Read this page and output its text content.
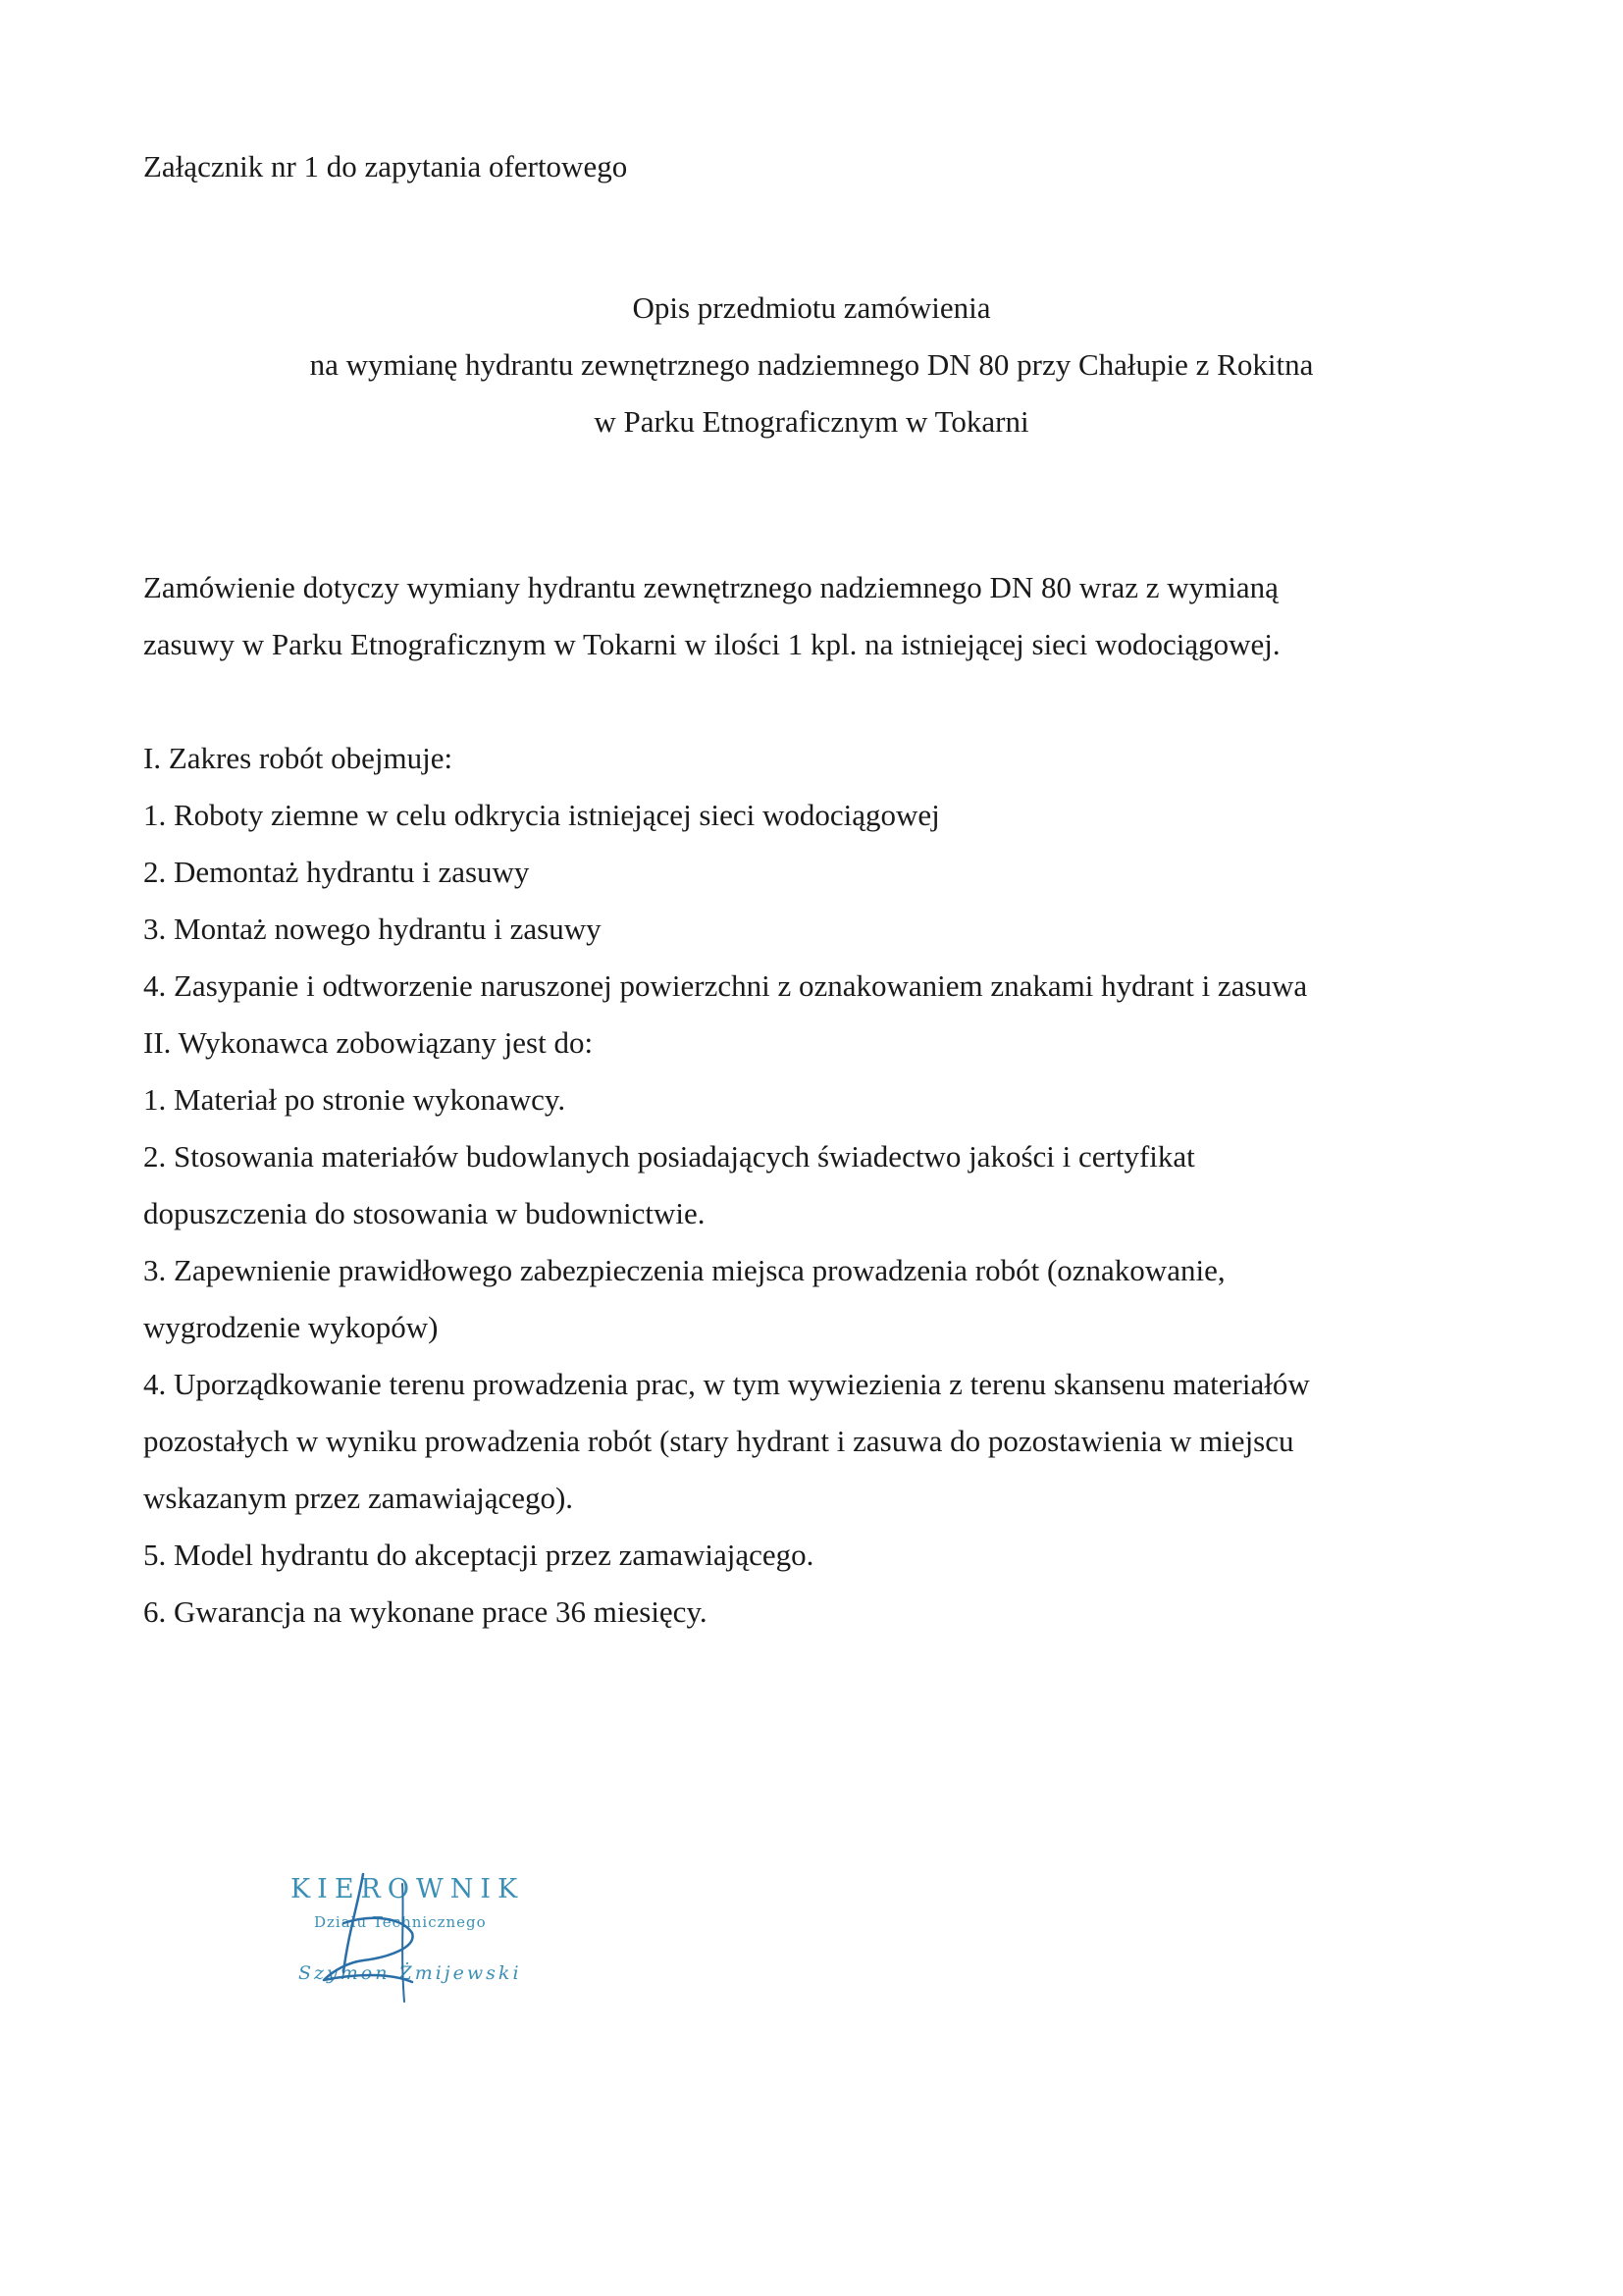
Załącznik nr 1 do zapytania ofertowego
Opis przedmiotu zamówienia
na wymianę hydrantu zewnętrznego nadziemnego DN 80 przy Chałupie z Rokitna
w Parku Etnograficznym w Tokarni
Zamówienie dotyczy wymiany hydrantu zewnętrznego nadziemnego DN 80 wraz z wymianą
zasuwy w Parku Etnograficznym w Tokarni w ilości 1 kpl. na istniejącej sieci wodociągowej.
I. Zakres robót obejmuje:
1. Roboty ziemne w celu odkrycia istniejącej sieci wodociągowej
2. Demontaż hydrantu i zasuwy
3. Montaż nowego hydrantu i zasuwy
4. Zasypanie i odtworzenie naruszonej powierzchni z oznakowaniem znakami hydrant i zasuwa
II. Wykonawca zobowiązany jest do:
1. Materiał po stronie wykonawcy.
2. Stosowania materiałów budowlanych posiadających świadectwo jakości i certyfikat
dopuszczenia do stosowania w budownictwie.
3. Zapewnienie prawidłowego zabezpieczenia miejsca prowadzenia robót (oznakowanie,
wygrodzenie wykopów)
4. Uporządkowanie terenu prowadzenia prac, w tym wywiezienia z terenu skansenu materiałów
pozostałych w wyniku prowadzenia robót (stary hydrant i zasuwa do pozostawienia w miejscu
wskazanym przez zamawiającego).
5. Model hydrantu do akceptacji przez zamawiającego.
6. Gwarancja na wykonane prace 36 miesięcy.
KIEROWNIK
Działu Technicznego
Szymon Żmijewski
